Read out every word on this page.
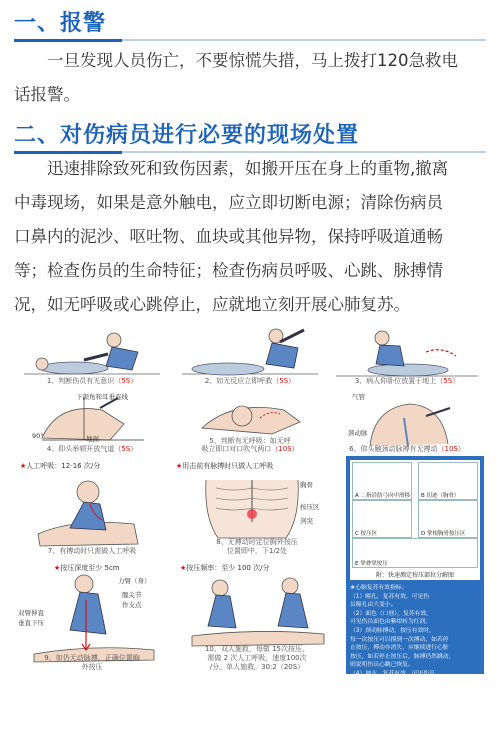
一、报警
一旦发现人员伤亡，不要惊慌失措，马上拨打120急救电
话报警。
二、对伤病员进行必要的现场处置
迅速排除致死和致伤因素，如搬开压在身上的重物,撤离
中毒现场，如果是意外触电，应立即切断电源；清除伤病员
口鼻内的泥沙、呕吐物、血块或其他异物，保持呼吸道通畅
等；检查伤员的生命特征；检查伤病员呼吸、心跳、脉搏情
况，如无呼吸或心跳停止，应就地立刻开展心肺复苏。
1、判断伤员有无意识（5S）	2、如无反应立即呼救（5S）	3、病人仰卧位放置于地上（5S）
下颌角和耳垂连线
90°	地面
4、仰头举颏开放气道（5S）
5、判断有无呼吸：如无呼
吸立即口对口吹气两口（10S）
气管
颈动脉
6、仰头触颈动脉搏有无搏动（10S）
★人工呼吸：12-16 次/分
7、有搏动时只需做人工呼吸
★用击前有脉搏时只做人工呼吸
胸骨
按压区
剑突
8、无搏动时定位胸外按压
位置即中，下1/2处
A 二指沿肋弓向中滑移 B 切迹（胸骨）
C 按压区	D 掌根胸骨按压区
E 掌叠掌按压
附：快速测定按压部位分解图
★心肺复苏有效指标：
（1）瞳孔，复苏有效，可见伤
员瞳孔由大变小。
（2）面色（口唇），复苏有效，
可见伤员面色由紫绀转为红润。
（3）颈动脉搏动，按压有效时，
每一次按压可以摸到一次搏动，如若停
止按压，搏动亦消失，应继续进行心脏
按压，如若停止按压后，脉搏仍然跳动，
则说明伤员心跳已恢复。
（4）神志，复苏有效，可见伤员
有眼球活动，睫毛反射与对光反射出
现，甚至手脚开始抽动，肌张力增加。
（5）出现自主呼吸，应注意观
察，有时很早出现自主呼吸，但呼吸
如果自主呼吸微弱，仍应坚持口对口呼
吸。
★按压深度至少 5cm
力臂（身）
髋关节
作支点
双臂伸直
垂直下压
9、如仍无动脉搏，正确位置胸
外按压
★按压频率：至少 100 次/分
10、双人施救，每做 15次按压，
需做 2 次人工呼吸，速度100次
/分。单人施救。30:2（20S）
